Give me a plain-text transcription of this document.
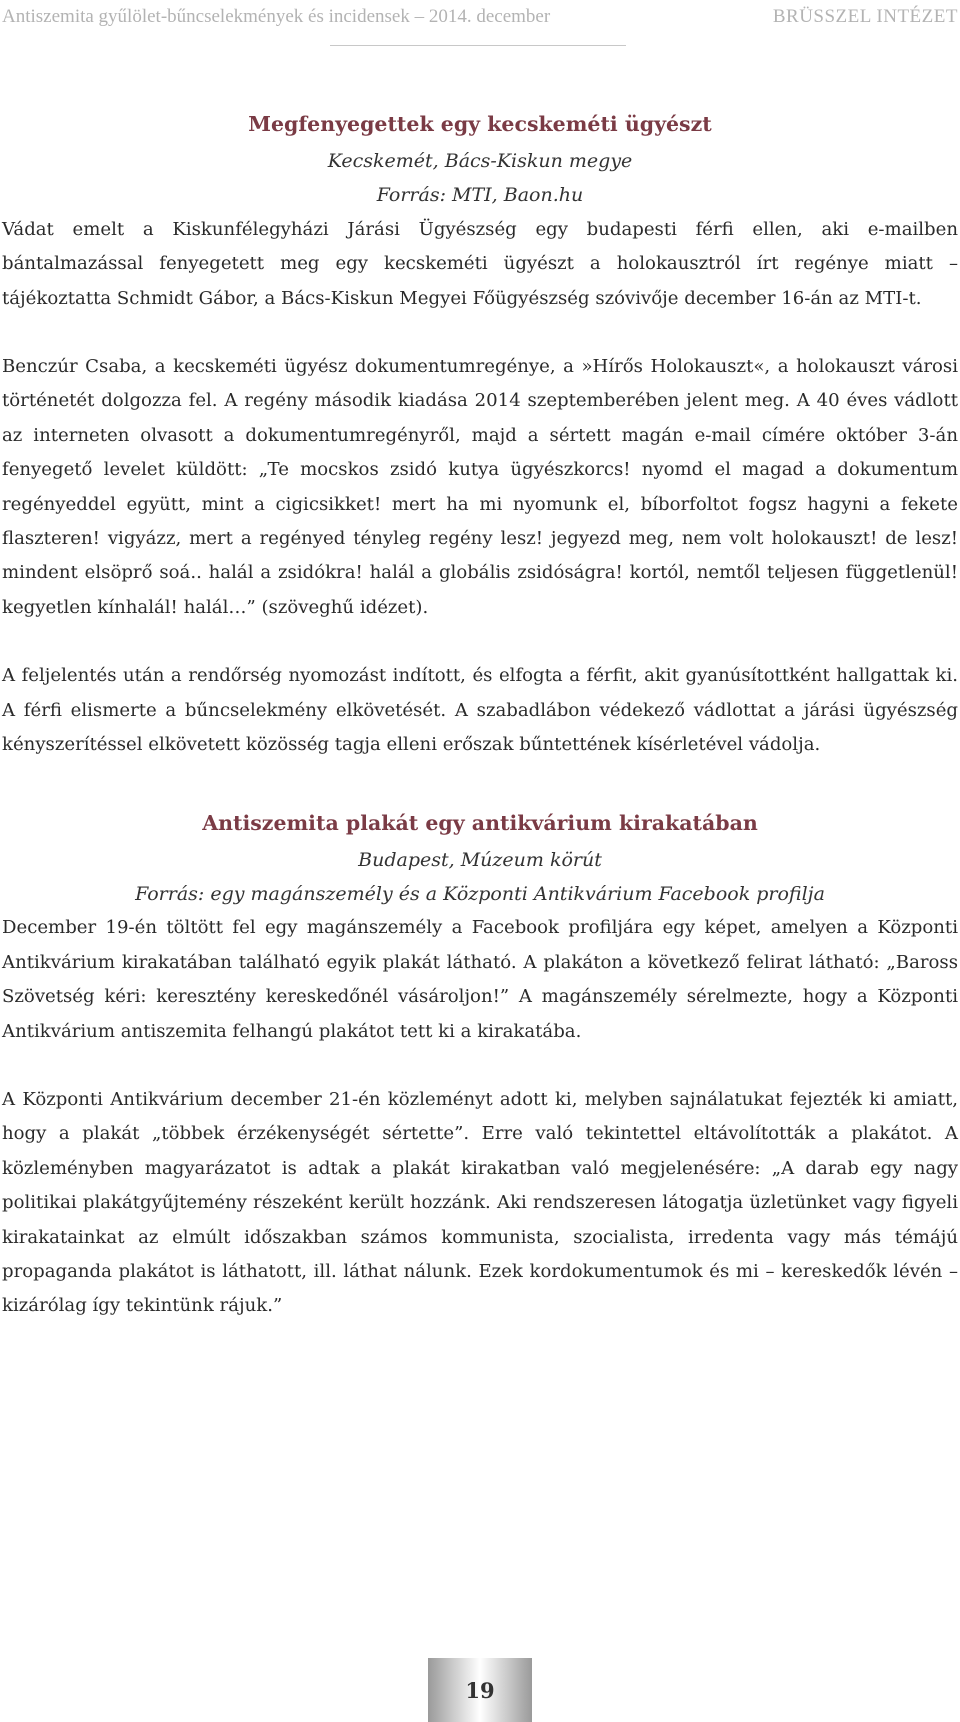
Antiszemita gyűlölet-bűncselekmények és incidensek – 2014. december	BRÜSSZEL INTÉZET
Megfenyegettek egy kecskeméti ügyészt
Kecskemét, Bács-Kiskun megye
Forrás: MTI, Baon.hu

Vádat emelt a Kiskunfélegyházi Járási Ügyészség egy budapesti férfi ellen, aki e-mailben bántalmazással fenyegetett meg egy kecskeméti ügyészt a holokausztról írt regénye miatt – tájékoztatta Schmidt Gábor, a Bács-Kiskun Megyei Főügyészség szóvivője december 16-án az MTI-t.

Benczúr Csaba, a kecskeméti ügyész dokumentumregénye, a »Hírős Holokauszt«, a holokauszt városi történetét dolgozza fel. A regény második kiadása 2014 szeptemberében jelent meg. A 40 éves vádlott az interneten olvasott a dokumentumregényről, majd a sértett magán e-mail címére október 3-án fenyegető levelet küldött: „Te mocskos zsidó kutya ügyészkorcs! nyomd el magad a dokumentum regényeddel együtt, mint a cigicsikket! mert ha mi nyomunk el, bíborfoltot fogsz hagyni a fekete flaszteren! vigyázz, mert a regényed tényleg regény lesz! jegyezd meg, nem volt holokauszt! de lesz! mindent elsöprő soá.. halál a zsidókra! halál a globális zsidóságra! kortól, nemtől teljesen függetlenül! kegyetlen kínhalál! halál…” (szöveghű idézet).

A feljelentés után a rendőrség nyomozást indított, és elfogta a férfit, akit gyanúsítottként hallgattak ki. A férfi elismerte a bűncselekmény elkövetését. A szabadlábon védekező vádlottat a járási ügyészség kényszerítéssel elkövetett közösség tagja elleni erőszak bűntettének kísérletével vádolja.

Antiszemita plakát egy antikvárium kirakatában
Budapest, Múzeum körút
Forrás: egy magánszemély és a Központi Antikvárium Facebook profilja

December 19-én töltött fel egy magánszemély a Facebook profiljára egy képet, amelyen a Központi Antikvárium kirakatában található egyik plakát látható. A plakáton a következő felirat látható: „Baross Szövetség kéri: keresztény kereskedőnél vásároljon!” A magánszemély sérelmezte, hogy a Központi Antikvárium antiszemita felhangú plakátot tett ki a kirakatába.

A Központi Antikvárium december 21-én közleményt adott ki, melyben sajnálatukat fejezték ki amiatt, hogy a plakát „többek érzékenységét sértette”. Erre való tekintettel eltávolították a plakátot. A közleményben magyarázatot is adtak a plakát kirakatban való megjelenésére: „A darab egy nagy politikai plakátgyűjtemény részeként került hozzánk. Aki rendszeresen látogatja üzletünket vagy figyeli kirakatainkat az elmúlt időszakban számos kommunista, szocialista, irredenta vagy más témájú propaganda plakátot is láthatott, ill. láthat nálunk. Ezek kordokumentumok és mi – kereskedők lévén – kizárólag így tekintünk rájuk.”

19
